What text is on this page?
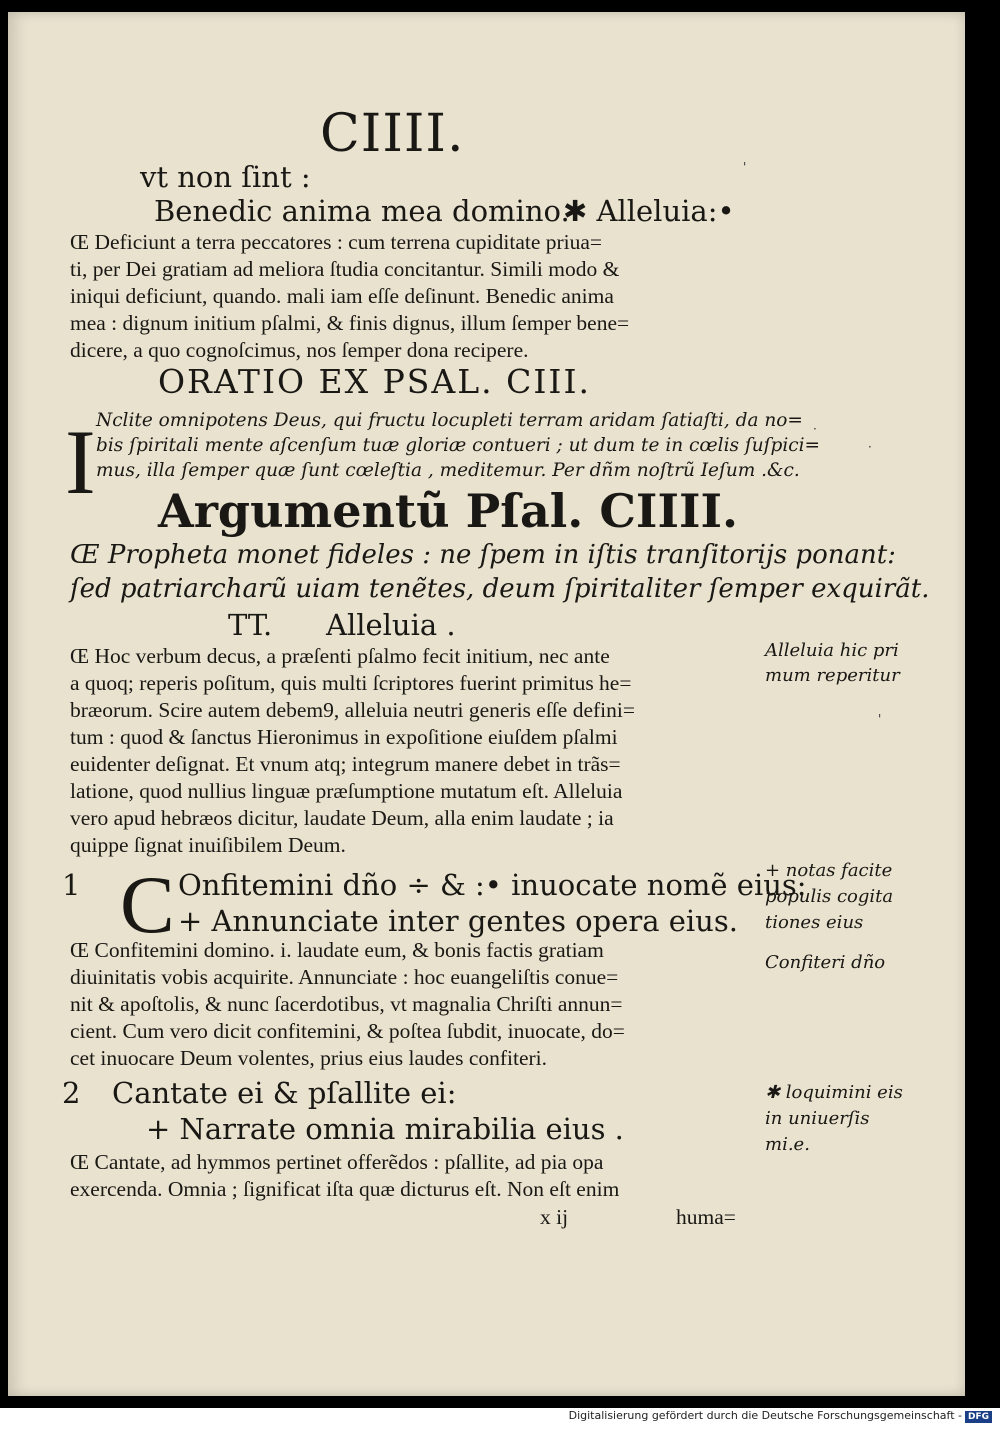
CIIII.
vt non ſint :
Benedic anima mea domino.
✱ Alleluia:•
Œ Deficiunt a terra peccatores : cum terrena cupiditate priua=
ti, per Dei gratiam ad meliora ſtudia concitantur. Simili modo &
iniqui deficiunt, quando. mali iam eſſe deſinunt. Benedic anima
mea : dignum initium pſalmi, & finis dignus, illum ſemper bene=
dicere, a quo cognoſcimus, nos ſemper dona recipere.
ORATIO EX PSAL. CIII.
I Nclite omnipotens Deus, qui fructu locupleti terram aridam ſatiaſti, da no=
bis ſpiritali mente aſcenſum tuæ gloriæ contueri ; ut dum te in cœlis ſuſpici=
mus, illa ſemper quæ ſunt cœleſtia , meditemur. Per dñm noſtrũ Ieſum .&c.
Argumentũ Pſal. CIIII.
Œ Propheta monet fideles : ne ſpem in iſtis tranſitorijs ponant:
ſed patriarcharũ uiam tenẽtes, deum ſpiritaliter ſemper exquirãt.
TT. Alleluia .
Œ Hoc verbum decus, a præſenti pſalmo fecit initium, nec ante
a quoq; reperis poſitum, quis multi ſcriptores fuerint primitus he=
bræorum. Scire autem debem9, alleluia neutri generis eſſe defini=
tum : quod & ſanctus Hieronimus in expoſitione eiuſdem pſalmi
euidenter deſignat. Et vnum atq; integrum manere debet in trãs=
latione, quod nullius linguæ præſumptione mutatum eſt. Alleluia
vero apud hebræos dicitur, laudate Deum, alla enim laudate ; ia
quippe ſignat inuiſibilem Deum.
1 C Onfitemini dño ÷ & :• inuocate nomẽ eius:
+ Annunciate inter gentes opera eius.
Œ Confitemini domino. i. laudate eum, & bonis factis gratiam
diuinitatis vobis acquirite. Annunciate : hoc euangeliſtis conue=
nit & apoſtolis, & nunc ſacerdotibus, vt magnalia Chriſti annun=
cient. Cum vero dicit confitemini, & poſtea ſubdit, inuocate, do=
cet inuocare Deum volentes, prius eius laudes confiteri.
2 Cantate ei & pſallite ei:
+ Narrate omnia mirabilia eius .
Œ Cantate, ad hymmos pertinet offerẽdos : pſallite, ad pia opa
exercenda. Omnia ; ſignificat iſta quæ dicturus eſt. Non eſt enim
x ij	huma=
Alleluia hic pri
mum reperitur
+ notas facite
populis cogita
tiones eius
Confiteri dño
✱ loquimini eis
in uniuerſis
mi.e.
·
·
'
'
Digitalisierung gefördert durch die Deutsche Forschungsgemeinschaft - DFG
